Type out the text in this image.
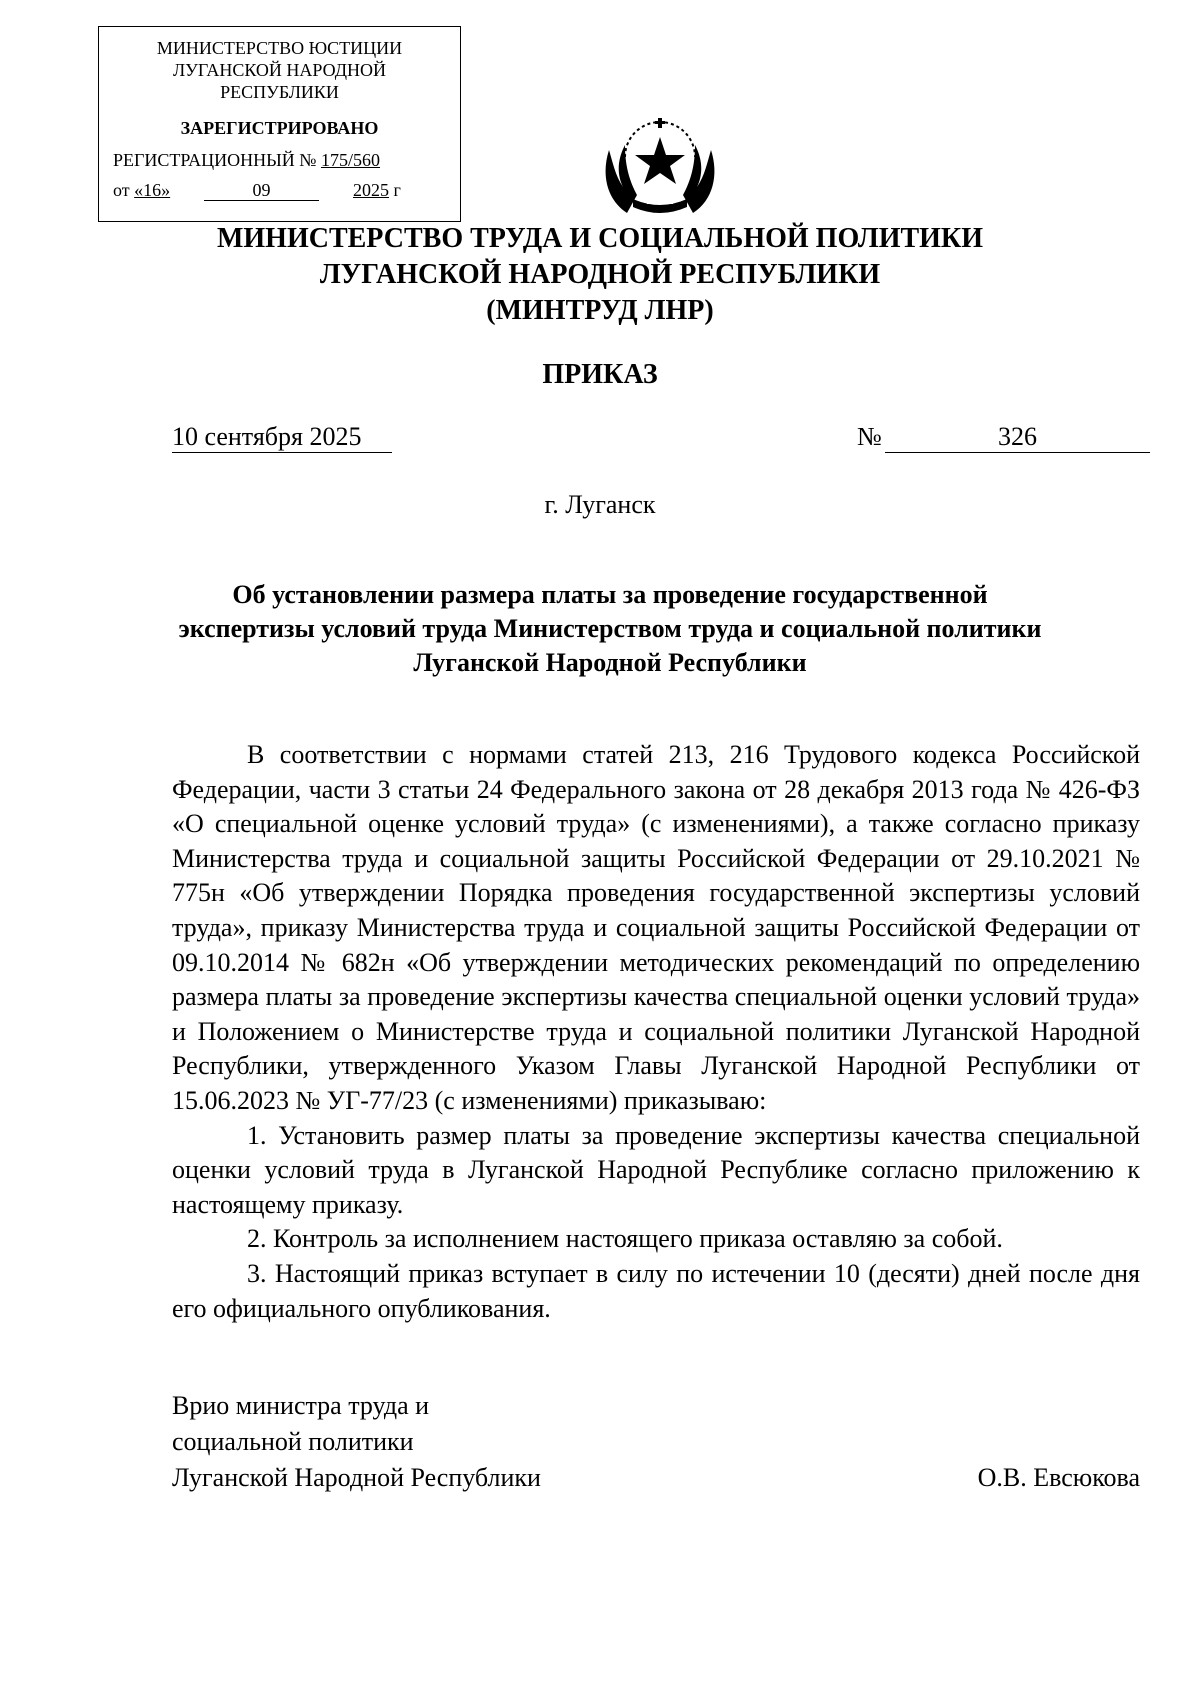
МИНИСТЕРСТВО ЮСТИЦИИ
ЛУГАНСКОЙ НАРОДНОЙ
РЕСПУБЛИКИ
ЗАРЕГИСТРИРОВАНО
РЕГИСТРАЦИОННЫЙ № 175/560
от «16»	09	2025 г
МИНИСТЕРСТВО ТРУДА И СОЦИАЛЬНОЙ ПОЛИТИКИ
ЛУГАНСКОЙ НАРОДНОЙ РЕСПУБЛИКИ
(МИНТРУД ЛНР)
ПРИКАЗ
10 сентября 2025	№	326
г. Луганск
Об установлении размера платы за проведение государственной
экспертизы условий труда Министерством труда и социальной политики
Луганской Народной Республики

В соответствии с нормами статей 213, 216 Трудового кодекса Российской Федерации, части 3 статьи 24 Федерального закона от 28 декабря 2013 года № 426-ФЗ «О специальной оценке условий труда» (с изменениями), а также согласно приказу Министерства труда и социальной защиты Российской Федерации от 29.10.2021 № 775н «Об утверждении Порядка проведения государственной экспертизы условий труда», приказу Министерства труда и социальной защиты Российской Федерации от 09.10.2014 № 682н «Об утверждении методических рекомендаций по определению размера платы за проведение экспертизы качества специальной оценки условий труда» и Положением о Министерстве труда и социальной политики Луганской Народной Республики, утвержденного Указом Главы Луганской Народной Республики от 15.06.2023 № УГ-77/23 (с изменениями) приказываю:

1. Установить размер платы за проведение экспертизы качества специальной оценки условий труда в Луганской Народной Республике согласно приложению к настоящему приказу.

2. Контроль за исполнением настоящего приказа оставляю за собой.

3. Настоящий приказ вступает в силу по истечении 10 (десяти) дней после дня его официального опубликования.

Врио министра труда и
социальной политики
Луганской Народной Республики	О.В. Евсюкова
